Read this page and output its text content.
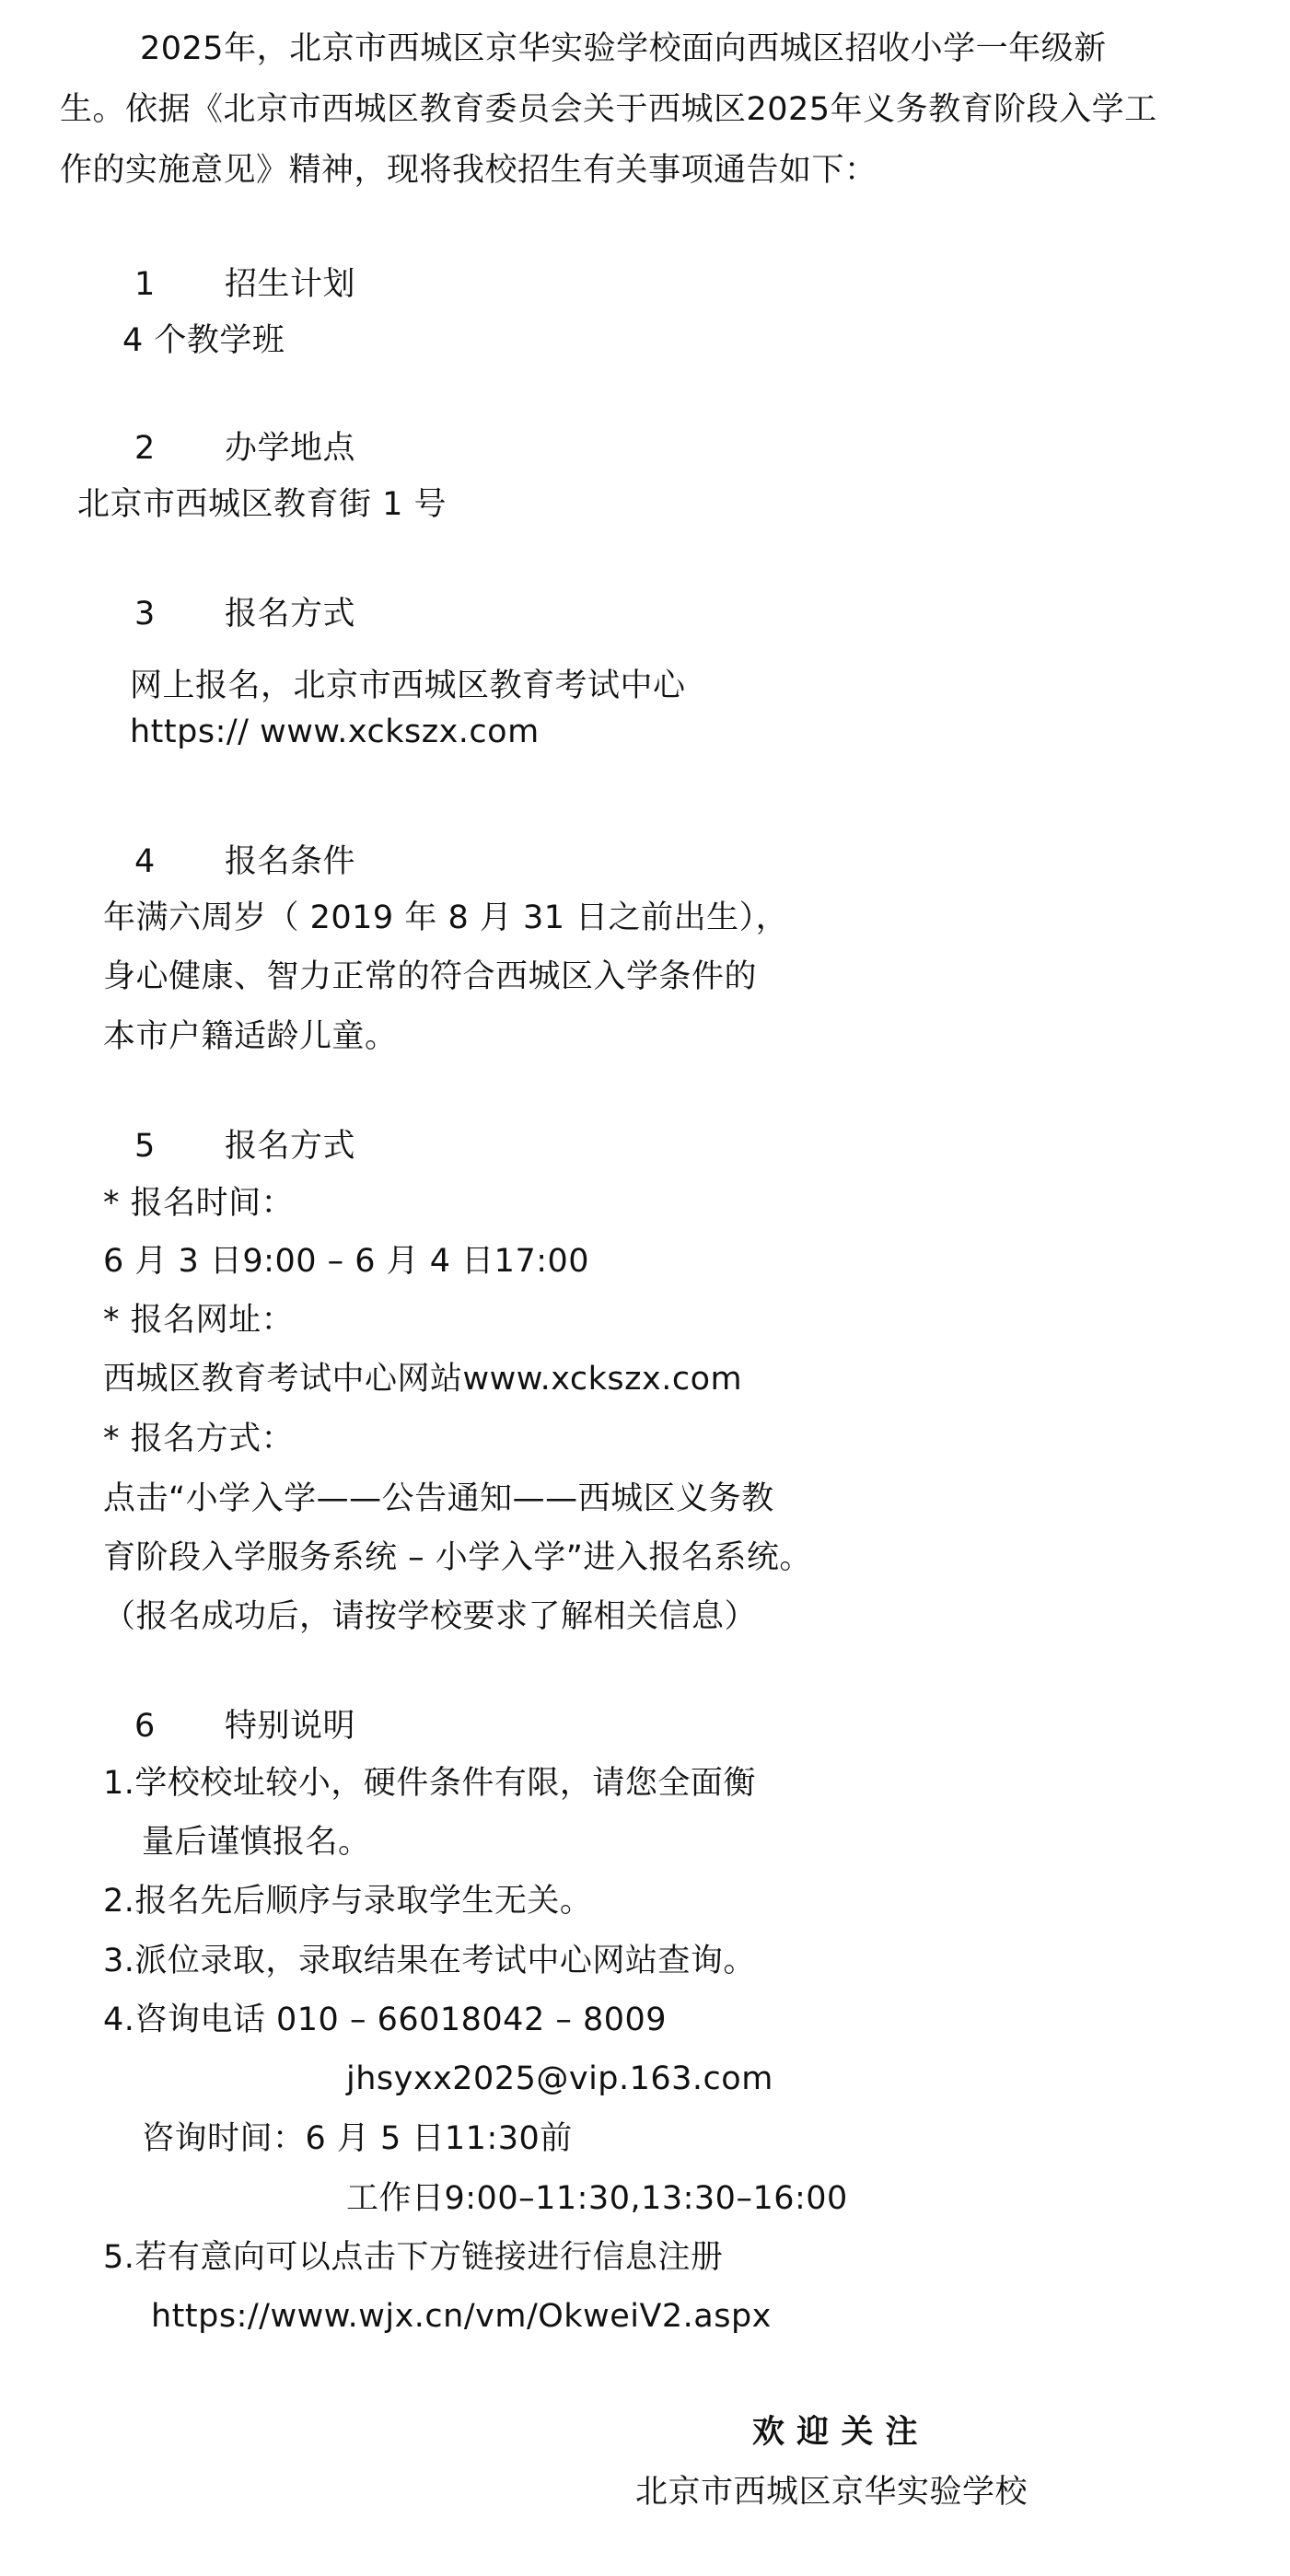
2025年，北京市西城区京华实验学校面向西城区招收小学一年级新
生。依据《北京市西城区教育委员会关于西城区2025年义务教育阶段入学工
作的实施意见》精神，现将我校招生有关事项通告如下：
1 招生计划
4 个教学班
2 办学地点
北京市西城区教育街 1 号
3 报名方式
网上报名，北京市西城区教育考试中心
https:// www.xckszx.com
4 报名条件
年满六周岁（ 2019 年 8 月 31 日之前出生），
身心健康、智力正常的符合西城区入学条件的
本市户籍适龄儿童。
5 报名方式
* 报名时间：
6 月 3 日9:00 – 6 月 4 日17:00
* 报名网址：
西城区教育考试中心网站www.xckszx.com
* 报名方式：
点击“小学入学——公告通知——西城区义务教
育阶段入学服务系统 – 小学入学”进入报名系统。
（报名成功后，请按学校要求了解相关信息）
6 特别说明
1.学校校址较小，硬件条件有限，请您全面衡
量后谨慎报名。
2.报名先后顺序与录取学生无关。
3.派位录取，录取结果在考试中心网站查询。
4.咨询电话 010 – 66018042 – 8009
jhsyxx2025@vip.163.com
咨询时间：6 月 5 日11:30前
工作日9:00–11:30,13:30–16:00
5.若有意向可以点击下方链接进行信息注册
https://www.wjx.cn/vm/OkweiV2.aspx
欢 迎 关 注
北京市西城区京华实验学校
